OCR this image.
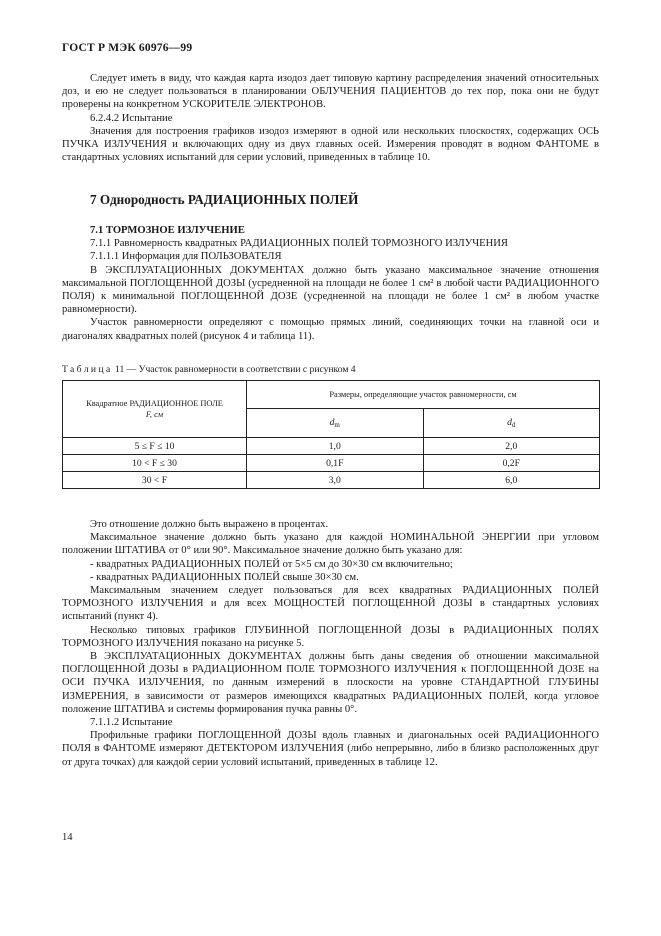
ГОСТ Р МЭК 60976—99

Следует иметь в виду, что каждая карта изодоз дает типовую картину распределения значений относительных доз, и ею не следует пользоваться в планировании ОБЛУЧЕНИЯ ПАЦИЕНТОВ до тех пор, пока они не будут проверены на конкретном УСКОРИТЕЛЕ ЭЛЕКТРОНОВ.

6.2.4.2 Испытание

Значения для построения графиков изодоз измеряют в одной или нескольких плоскостях, содержащих ОСЬ ПУЧКА ИЗЛУЧЕНИЯ и включающих одну из двух главных осей. Измерения проводят в водном ФАНТОМЕ в стандартных условиях испытаний для серии условий, приведенных в таблице 10.

7 Однородность РАДИАЦИОННЫХ ПОЛЕЙ

7.1 ТОРМОЗНОЕ ИЗЛУЧЕНИЕ

7.1.1 Равномерность квадратных РАДИАЦИОННЫХ ПОЛЕЙ ТОРМОЗНОГО ИЗЛУЧЕНИЯ

7.1.1.1 Информация для ПОЛЬЗОВАТЕЛЯ

В ЭКСПЛУАТАЦИОННЫХ ДОКУМЕНТАХ должно быть указано максимальное значение отношения максимальной ПОГЛОЩЕННОЙ ДОЗЫ (усредненной на площади не более 1 см² в любой части РАДИАЦИОННОГО ПОЛЯ) к минимальной ПОГЛОЩЕННОЙ ДОЗЕ (усредненной на площади не более 1 см² в любом участке равномерности).

Участок равномерности определяют с помощью прямых линий, соединяющих точки на главной оси и диагоналях квадратных полей (рисунок 4 и таблица 11).

Таблица 11 — Участок равномерности в соответствии с рисунком 4
Квадратное РАДИАЦИОННОЕ ПОЛЕ
F, см	Размеры, определяющие участок равномерности, см	
	$d_m$	$d_d$
5 ≤ F ≤ 10	1,0	2,0
10 < F ≤ 30	0,1F	0,2F
30 < F	3,0	6,0

Это отношение должно быть выражено в процентах.

Максимальное значение должно быть указано для каждой НОМИНАЛЬНОЙ ЭНЕРГИИ при угловом положении ШТАТИВА от 0° или 90°. Максимальное значение должно быть указано для:

- квадратных РАДИАЦИОННЫХ ПОЛЕЙ от 5×5 см до 30×30 см включительно;

- квадратных РАДИАЦИОННЫХ ПОЛЕЙ свыше 30×30 см.

Максимальным значением следует пользоваться для всех квадратных РАДИАЦИОННЫХ ПОЛЕЙ ТОРМОЗНОГО ИЗЛУЧЕНИЯ и для всех МОЩНОСТЕЙ ПОГЛОЩЕННОЙ ДОЗЫ в стандартных условиях испытаний (пункт 4).

Несколько типовых графиков ГЛУБИННОЙ ПОГЛОЩЕННОЙ ДОЗЫ в РАДИАЦИОННЫХ ПОЛЯХ ТОРМОЗНОГО ИЗЛУЧЕНИЯ показано на рисунке 5.

В ЭКСПЛУАТАЦИОННЫХ ДОКУМЕНТАХ должны быть даны сведения об отношении максимальной ПОГЛОЩЕННОЙ ДОЗЫ в РАДИАЦИОННОМ ПОЛЕ ТОРМОЗНОГО ИЗЛУЧЕНИЯ к ПОГЛОЩЕННОЙ ДОЗЕ на ОСИ ПУЧКА ИЗЛУЧЕНИЯ, по данным измерений в плоскости на уровне СТАНДАРТНОЙ ГЛУБИНЫ ИЗМЕРЕНИЯ, в зависимости от размеров имеющихся квадратных РАДИАЦИОННЫХ ПОЛЕЙ, когда угловое положение ШТАТИВА и системы формирования пучка равны 0°.

7.1.1.2 Испытание

Профильные графики ПОГЛОЩЕННОЙ ДОЗЫ вдоль главных и диагональных осей РАДИАЦИОННОГО ПОЛЯ в ФАНТОМЕ измеряют ДЕТЕКТОРОМ ИЗЛУЧЕНИЯ (либо непрерывно, либо в близко расположенных друг от друга точках) для каждой серии условий испытаний, приведенных в таблице 12.

14
